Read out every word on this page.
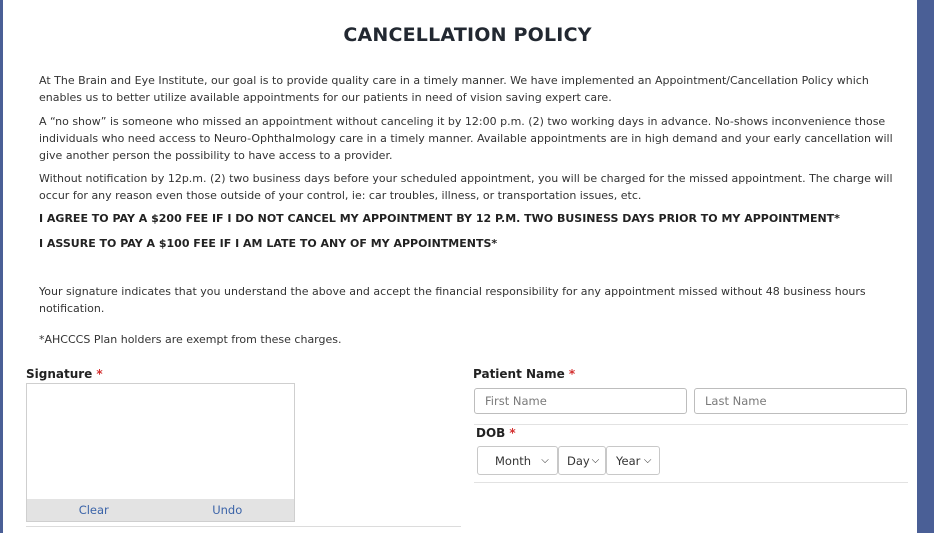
CANCELLATION POLICY
At The Brain and Eye Institute, our goal is to provide quality care in a timely manner. We have implemented an Appointment/Cancellation Policy which enables us to better utilize available appointments for our patients in need of vision saving expert care.
A “no show” is someone who missed an appointment without canceling it by 12:00 p.m. (2) two working days in advance. No-shows inconvenience those individuals who need access to Neuro-Ophthalmology care in a timely manner. Available appointments are in high demand and your early cancellation will give another person the possibility to have access to a provider.
Without notification by 12p.m. (2) two business days before your scheduled appointment, you will be charged for the missed appointment. The charge will occur for any reason even those outside of your control, ie: car troubles, illness, or transportation issues, etc.
I AGREE TO PAY A $200 FEE IF I DO NOT CANCEL MY APPOINTMENT BY 12 P.M. TWO BUSINESS DAYS PRIOR TO MY APPOINTMENT*
I ASSURE TO PAY A $100 FEE IF I AM LATE TO ANY OF MY APPOINTMENTS*
Your signature indicates that you understand the above and accept the financial responsibility for any appointment missed without 48 business hours notification.
*AHCCCS Plan holders are exempt from these charges.
Signature *
Clear	Undo
Patient Name *
First Name
Last Name
DOB *
Month	⌵	Day ⌵	Year ⌵
